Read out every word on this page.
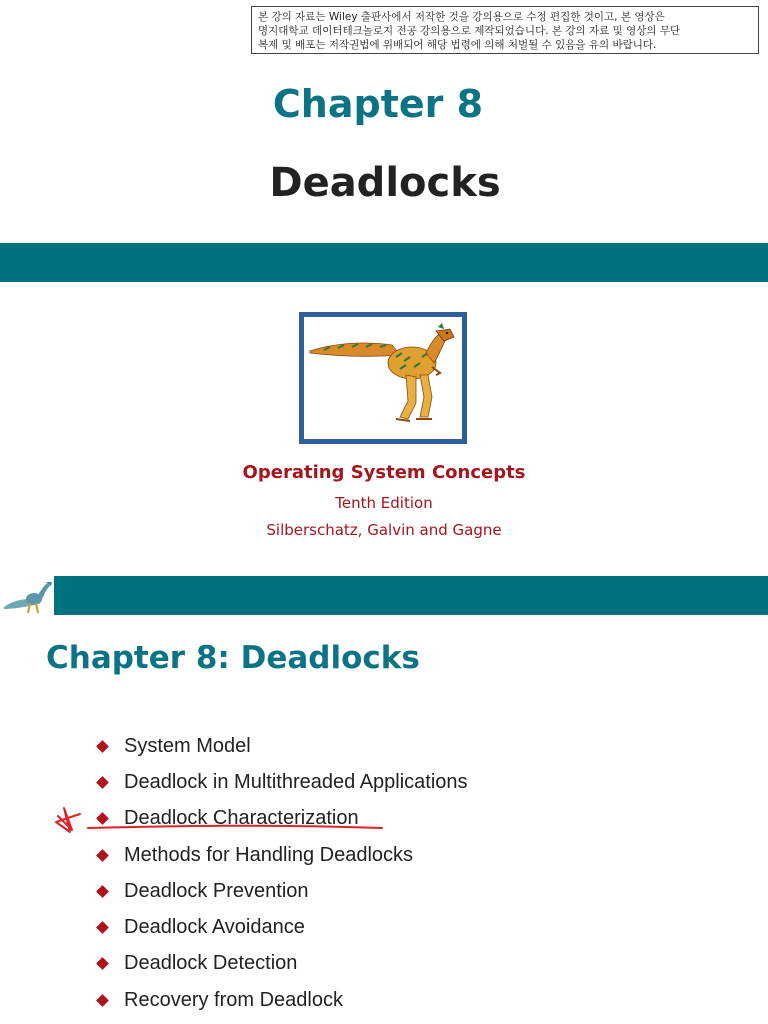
본 강의 자료는 Wiley 출판사에서 저작한 것을 강의용으로 수정 편집한 것이고, 본 영상은
명지대학교 데이터테크놀로지 전공 강의용으로 제작되었습니다. 본 강의 자료 및 영상의 무단
복제 및 배포는 저작권법에 위배되어 해당 법령에 의해 처벌될 수 있음을 유의 바랍니다.
Chapter 8
Deadlocks
Operating System Concepts
Tenth Edition
Silberschatz, Galvin and Gagne
Chapter 8: Deadlocks
System Model
Deadlock in Multithreaded Applications
Deadlock Characterization
Methods for Handling Deadlocks
Deadlock Prevention
Deadlock Avoidance
Deadlock Detection
Recovery from Deadlock
